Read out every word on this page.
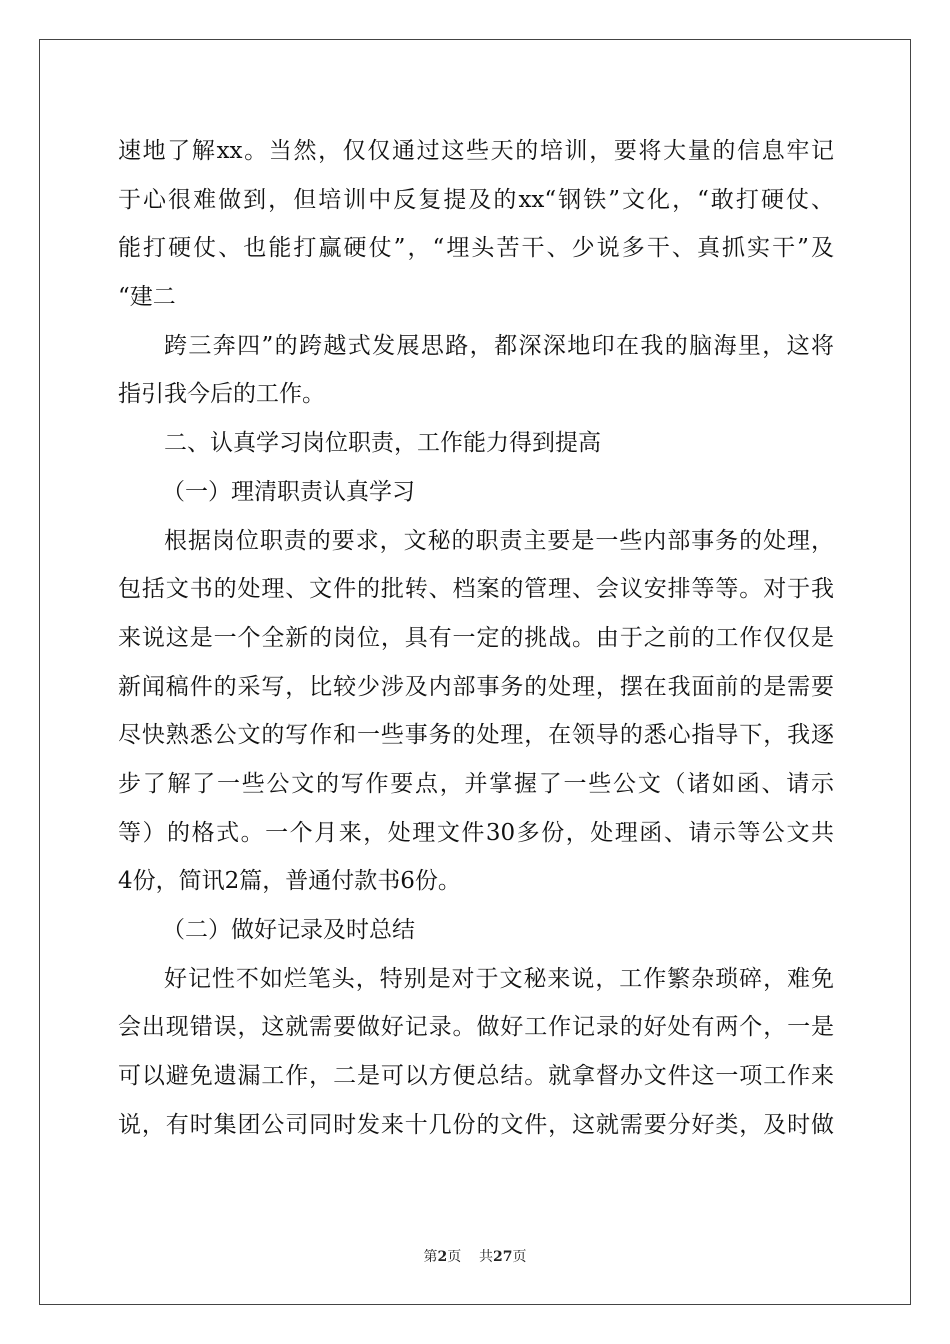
速地了解xx。当然，仅仅通过这些天的培训，要将大量的信息牢记
于心很难做到，但培训中反复提及的xx“钢铁”文化，“敢打硬仗、
能打硬仗、也能打赢硬仗”，“埋头苦干、少说多干、真抓实干”及
“建二
跨三奔四”的跨越式发展思路，都深深地印在我的脑海里，这将
指引我今后的工作。
二、认真学习岗位职责，工作能力得到提高
（一）理清职责认真学习
根据岗位职责的要求，文秘的职责主要是一些内部事务的处理，
包括文书的处理、文件的批转、档案的管理、会议安排等等。对于我
来说这是一个全新的岗位，具有一定的挑战。由于之前的工作仅仅是
新闻稿件的采写，比较少涉及内部事务的处理，摆在我面前的是需要
尽快熟悉公文的写作和一些事务的处理，在领导的悉心指导下，我逐
步了解了一些公文的写作要点，并掌握了一些公文（诸如函、请示
等）的格式。一个月来，处理文件30多份，处理函、请示等公文共
4份，简讯2篇，普通付款书6份。
（二）做好记录及时总结
好记性不如烂笔头，特别是对于文秘来说，工作繁杂琐碎，难免
会出现错误，这就需要做好记录。做好工作记录的好处有两个，一是
可以避免遗漏工作，二是可以方便总结。就拿督办文件这一项工作来
说，有时集团公司同时发来十几份的文件，这就需要分好类，及时做
第2页 共27页
